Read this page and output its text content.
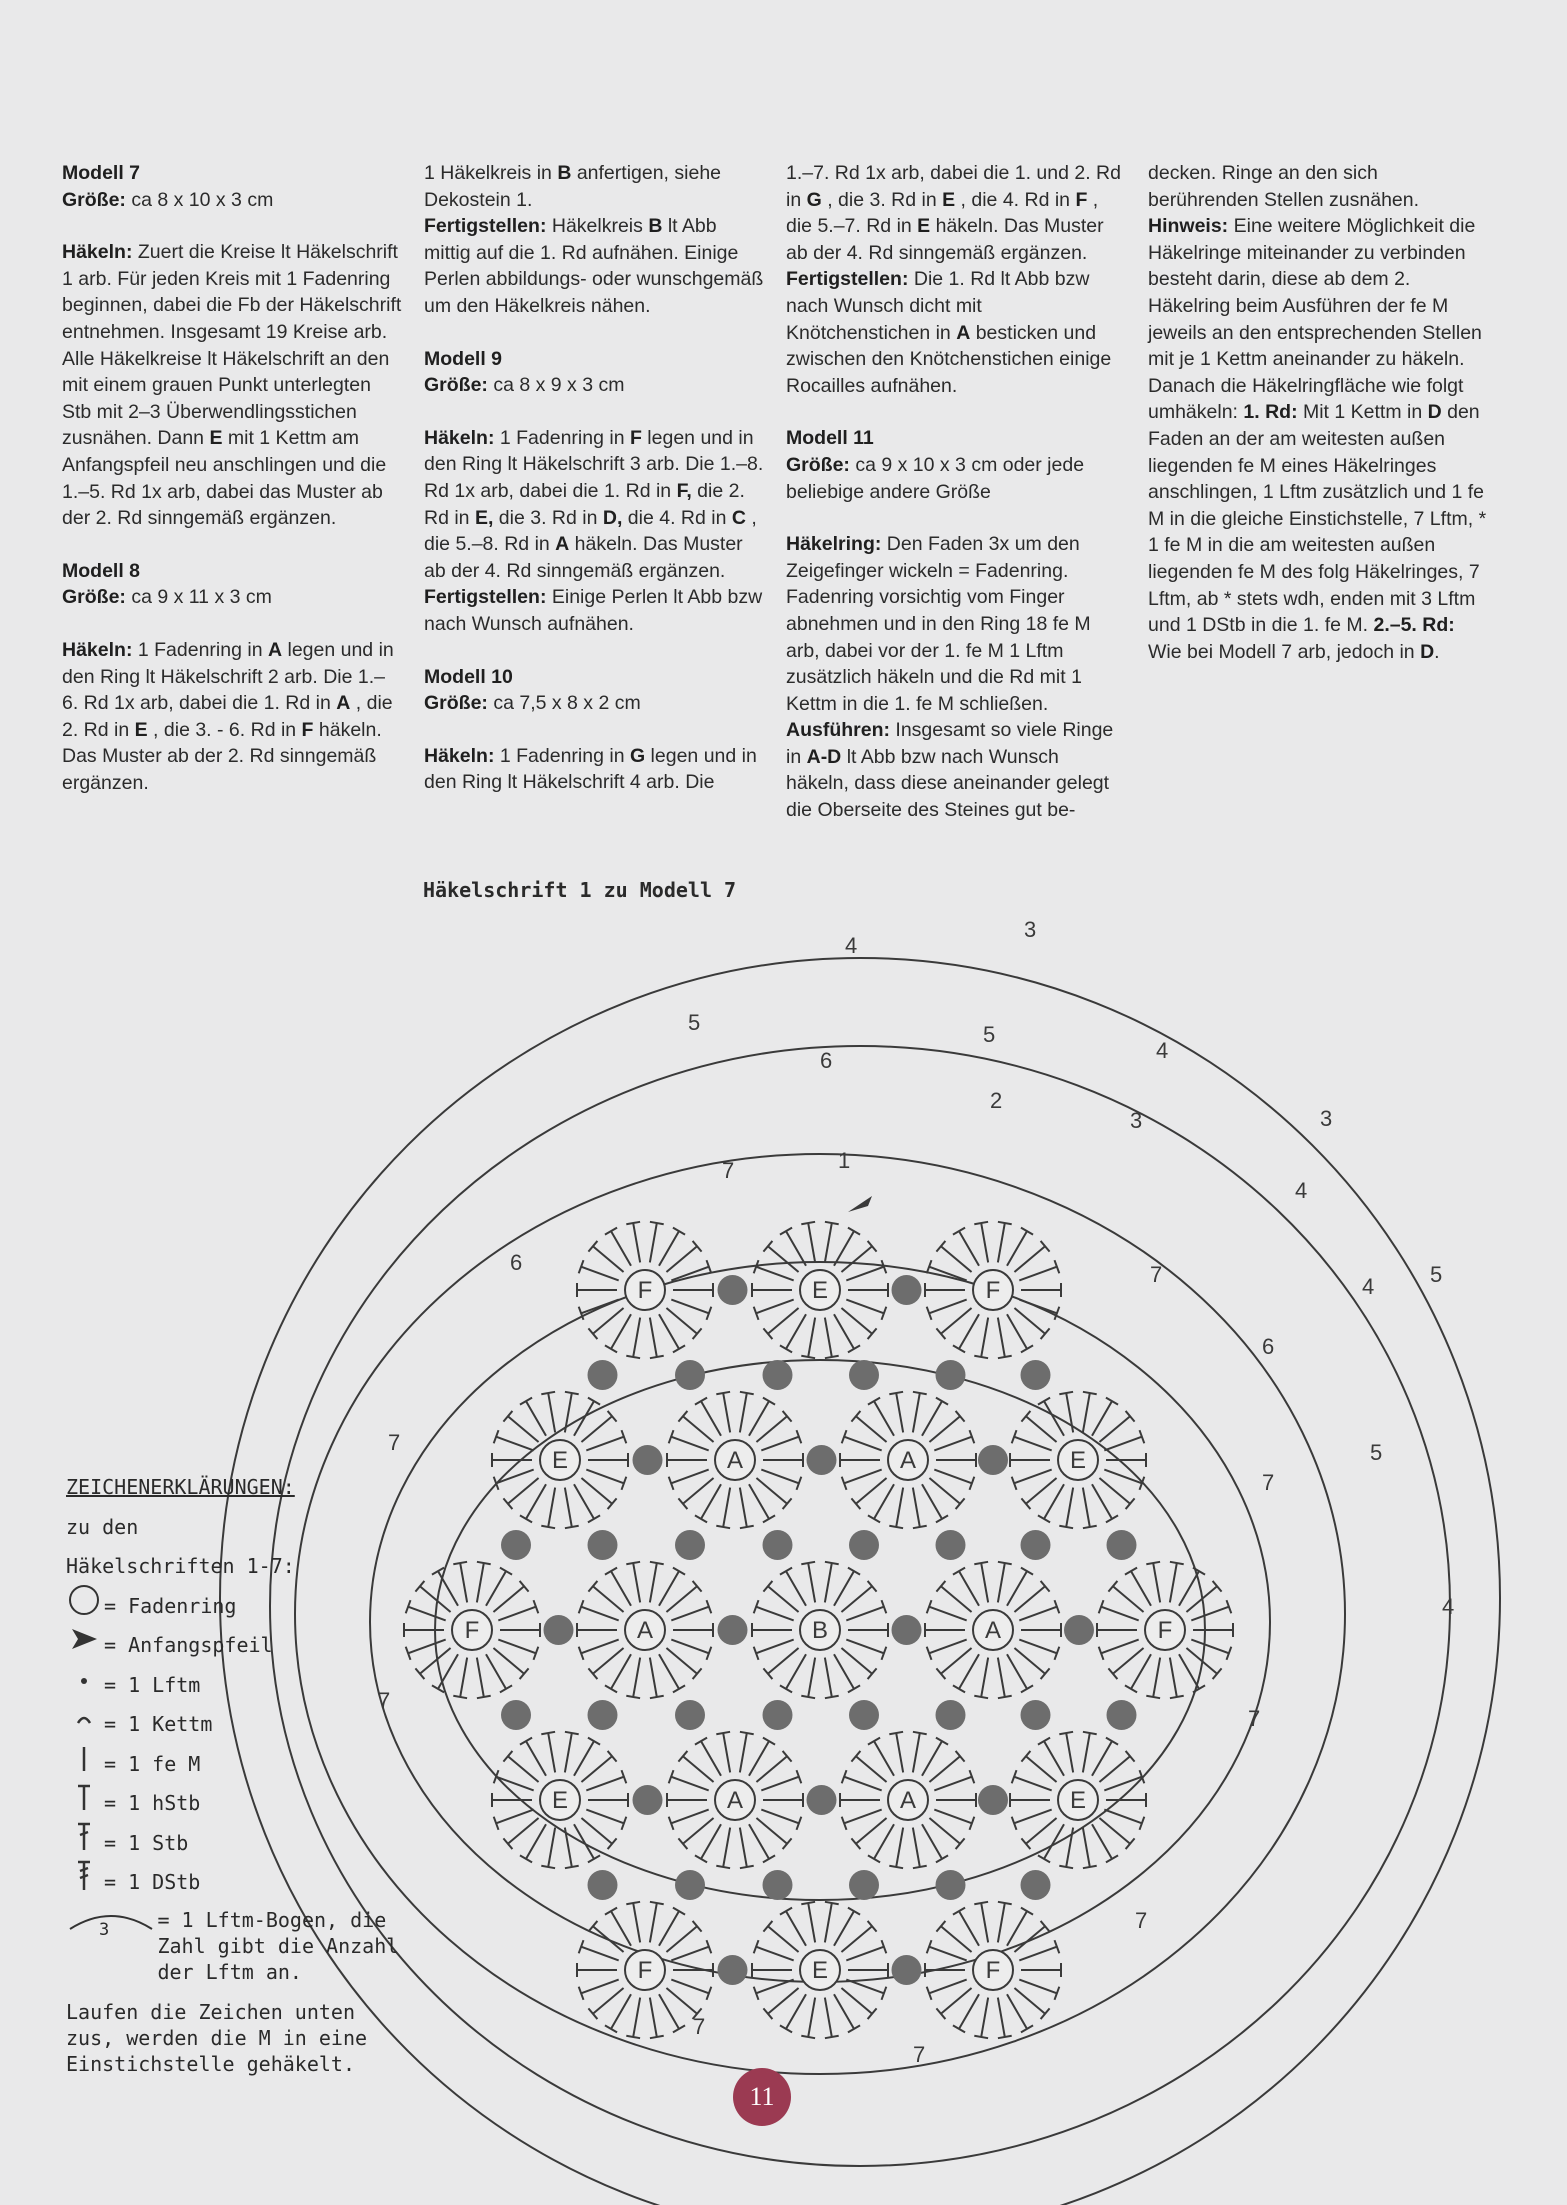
Modell 7
Größe: ca 8 x 10 x 3 cm

Häkeln: Zuert die Kreise lt Häkelschrift 1 arb. Für jeden Kreis mit 1 Fadenring beginnen, dabei die Fb der Häkelschrift entnehmen. Insgesamt 19 Kreise arb. Alle Häkelkreise lt Häkelschrift an den mit einem grauen Punkt unterlegten Stb mit 2–3 Überwendlingsstichen zusnähen. Dann E mit 1 Kettm am Anfangspfeil neu anschlingen und die 1.–5. Rd 1x arb, dabei das Muster ab der 2. Rd sinngemäß ergänzen.

Modell 8
Größe: ca 9 x 11 x 3 cm

Häkeln: 1 Fadenring in A legen und in den Ring lt Häkelschrift 2 arb. Die 1.– 6. Rd 1x arb, dabei die 1. Rd in A , die 2. Rd in E , die 3. - 6. Rd in F häkeln. Das Muster ab der 2. Rd sinngemäß ergänzen.

1 Häkelkreis in B anfertigen, siehe Dekostein 1.
Fertigstellen: Häkelkreis B lt Abb mittig auf die 1. Rd aufnähen. Einige Perlen abbildungs- oder wunschgemäß um den Häkelkreis nähen.

Modell 9
Größe: ca 8 x 9 x 3 cm

Häkeln: 1 Fadenring in F legen und in den Ring lt Häkelschrift 3 arb. Die 1.–8. Rd 1x arb, dabei die 1. Rd in F, die 2. Rd in E, die 3. Rd in D, die 4. Rd in C , die 5.–8. Rd in A häkeln. Das Muster ab der 4. Rd sinngemäß ergänzen.
Fertigstellen: Einige Perlen lt Abb bzw nach Wunsch aufnähen.

Modell 10
Größe: ca 7,5 x 8 x 2 cm

Häkeln: 1 Fadenring in G legen und in den Ring lt Häkelschrift 4 arb. Die

1.–7. Rd 1x arb, dabei die 1. und 2. Rd in G , die 3. Rd in E , die 4. Rd in F , die 5.–7. Rd in E häkeln. Das Muster ab der 4. Rd sinngemäß ergänzen.
Fertigstellen: Die 1. Rd lt Abb bzw nach Wunsch dicht mit Knötchenstichen in A besticken und zwischen den Knötchenstichen einige Rocailles aufnähen.

Modell 11
Größe: ca 9 x 10 x 3 cm oder jede beliebige andere Größe

Häkelring: Den Faden 3x um den Zeigefinger wickeln = Fadenring. Fadenring vorsichtig vom Finger abnehmen und in den Ring 18 fe M arb, dabei vor der 1. fe M 1 Lftm zusätzlich häkeln und die Rd mit 1 Kettm in die 1. fe M schließen.
Ausführen: Insgesamt so viele Ringe in A-D lt Abb bzw nach Wunsch häkeln, dass diese aneinander gelegt die Oberseite des Steines gut be-

decken. Ringe an den sich berührenden Stellen zusnähen.
Hinweis: Eine weitere Möglichkeit die Häkelringe miteinander zu verbinden besteht darin, diese ab dem 2. Häkelring beim Ausführen der fe M jeweils an den entsprechenden Stellen mit je 1 Kettm aneinander zu häkeln.
Danach die Häkelringfläche wie folgt umhäkeln: 1. Rd: Mit 1 Kettm in D den Faden an der am weitesten außen liegenden fe M eines Häkelringes anschlingen, 1 Lftm zusätzlich und 1 fe M in die gleiche Einstichstelle, 7 Lftm, * 1 fe M in die am weitesten außen liegenden fe M des folg Häkelringes, 7 Lftm, ab * stets wdh, enden mit 3 Lftm und 1 DStb in die 1. fe M. 2.–5. Rd: Wie bei Modell 7 arb, jedoch in D.

Häkelschrift 1 zu Modell 7
F	E	F
E	A	A	E
F	A	B	A	F
E	A	A	E
F	E	F
1
2
3
4
5
6
7
5
4
3
7
6
5
4
7
7
7
7
7
7
7
6
5
4
3
4
ZEICHENERKLÄRUNGEN:
zu den
Häkelschriften 1-7:
= Fadenring
= Anfangspfeil
= 1 Lftm
= 1 Kettm
= 1 fe M
= 1 hStb
= 1 Stb
= 1 DStb
3 = 1 Lftm-Bogen, die Zahl gibt die Anzahl der Lftm an.
Laufen die Zeichen unten zus, werden die M in eine Einstichstelle gehäkelt.
11
